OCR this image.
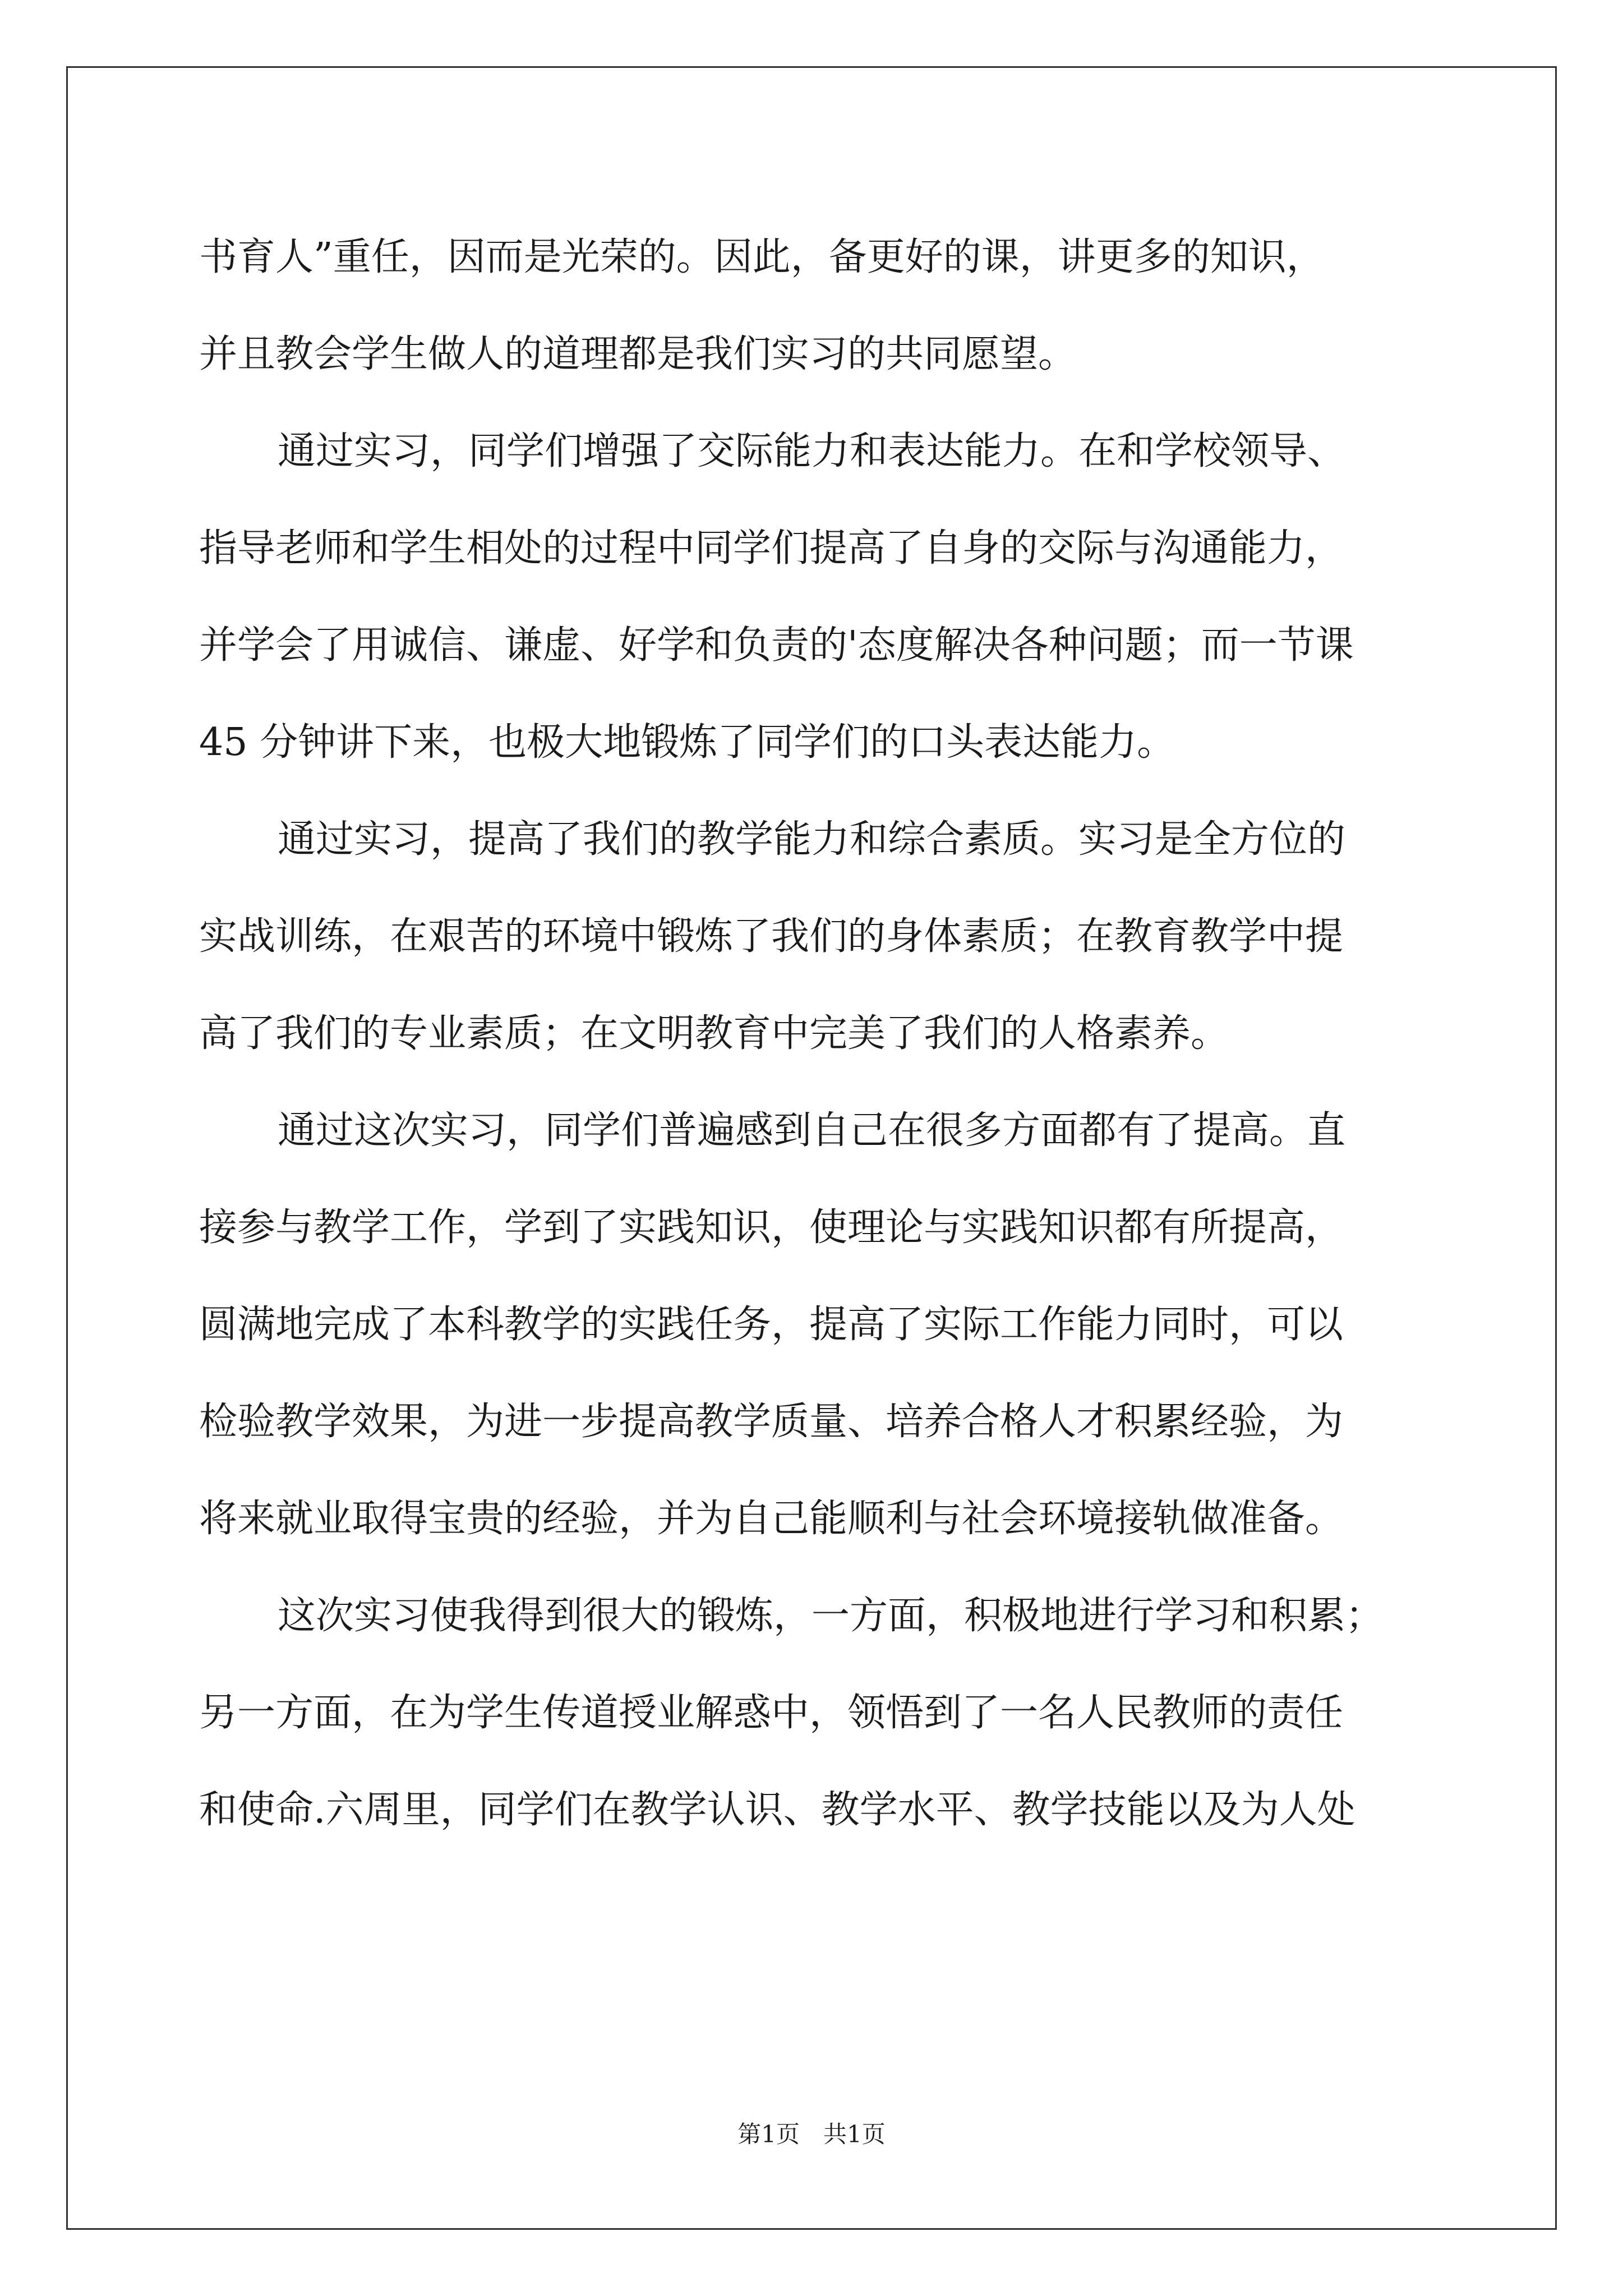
书育人”重任，因而是光荣的。因此，备更好的课，讲更多的知识，
并且教会学生做人的道理都是我们实习的共同愿望。
通过实习，同学们增强了交际能力和表达能力。在和学校领导、
指导老师和学生相处的过程中同学们提高了自身的交际与沟通能力，
并学会了用诚信、谦虚、好学和负责的'态度解决各种问题；而一节课
45 分钟讲下来，也极大地锻炼了同学们的口头表达能力。
通过实习，提高了我们的教学能力和综合素质。实习是全方位的
实战训练，在艰苦的环境中锻炼了我们的身体素质；在教育教学中提
高了我们的专业素质；在文明教育中完美了我们的人格素养。
通过这次实习，同学们普遍感到自己在很多方面都有了提高。直
接参与教学工作，学到了实践知识，使理论与实践知识都有所提高，
圆满地完成了本科教学的实践任务，提高了实际工作能力同时，可以
检验教学效果，为进一步提高教学质量、培养合格人才积累经验，为
将来就业取得宝贵的经验，并为自己能顺利与社会环境接轨做准备。
这次实习使我得到很大的锻炼，一方面，积极地进行学习和积累；
另一方面，在为学生传道授业解惑中，领悟到了一名人民教师的责任
和使命.六周里，同学们在教学认识、教学水平、教学技能以及为人处
第1页　共1页
